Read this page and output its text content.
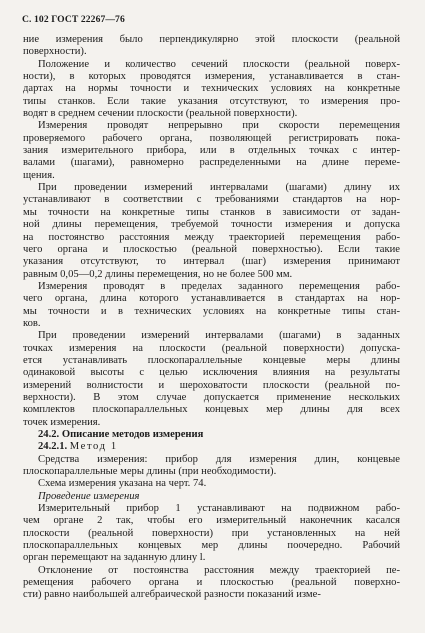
С. 102 ГОСТ 22267—76
ние измерения было перпендикулярно этой плоскости (реальной
поверхности).
Положение и количество сечений плоскости (реальной поверх-
ности), в которых проводятся измерения, устанавливается в стан-
дартах на нормы точности и технических условиях на конкретные
типы станков. Если такие указания отсутствуют, то измерения про-
водят в среднем сечении плоскости (реальной поверхности).
Измерения проводят непрерывно при скорости перемещения
проверяемого рабочего органа, позволяющей регистрировать пока-
зания измерительного прибора, или в отдельных точках с интер-
валами (шагами), равномерно распределенными на длине переме-
щения.
При проведении измерений интервалами (шагами) длину их
устанавливают в соответствии с требованиями стандартов на нор-
мы точности на конкретные типы станков в зависимости от задан-
ной длины перемещения, требуемой точности измерения и допуска
на постоянство расстояния между траекторией перемещения рабо-
чего органа и плоскостью (реальной поверхностью). Если такие
указания отсутствуют, то интервал (шаг) измерения принимают
равным 0,05—0,2 длины перемещения, но не более 500 мм.
Измерения проводят в пределах заданного перемещения рабо-
чего органа, длина которого устанавливается в стандартах на нор-
мы точности и в технических условиях на конкретные типы стан-
ков.
При проведении измерений интервалами (шагами) в заданных
точках измерения на плоскости (реальной поверхности) допуска-
ется устанавливать плоскопараллельные концевые меры длины
одинаковой высоты с целью исключения влияния на результаты
измерений волнистости и шероховатости плоскости (реальной по-
верхности). В этом случае допускается применение нескольких
комплектов плоскопараллельных концевых мер длины для всех
точек измерения.
24.2. Описание методов измерения
24.2.1. Метод 1
Средства измерения: прибор для измерения длин, концевые
плоскопараллельные меры длины (при необходимости).
Схема измерения указана на черт. 74.
Проведение измерения
Измерительный прибор 1 устанавливают на подвижном рабо-
чем органе 2 так, чтобы его измерительный наконечник касался
плоскости (реальной поверхности) при установленных на ней
плоскопараллельных концевых мер длины поочередно. Рабочий
орган перемещают на заданную длину l.
Отклонение от постоянства расстояния между траекторией пе-
ремещения рабочего органа и плоскостью (реальной поверхно-
сти) равно наибольшей алгебраической разности показаний изме-
